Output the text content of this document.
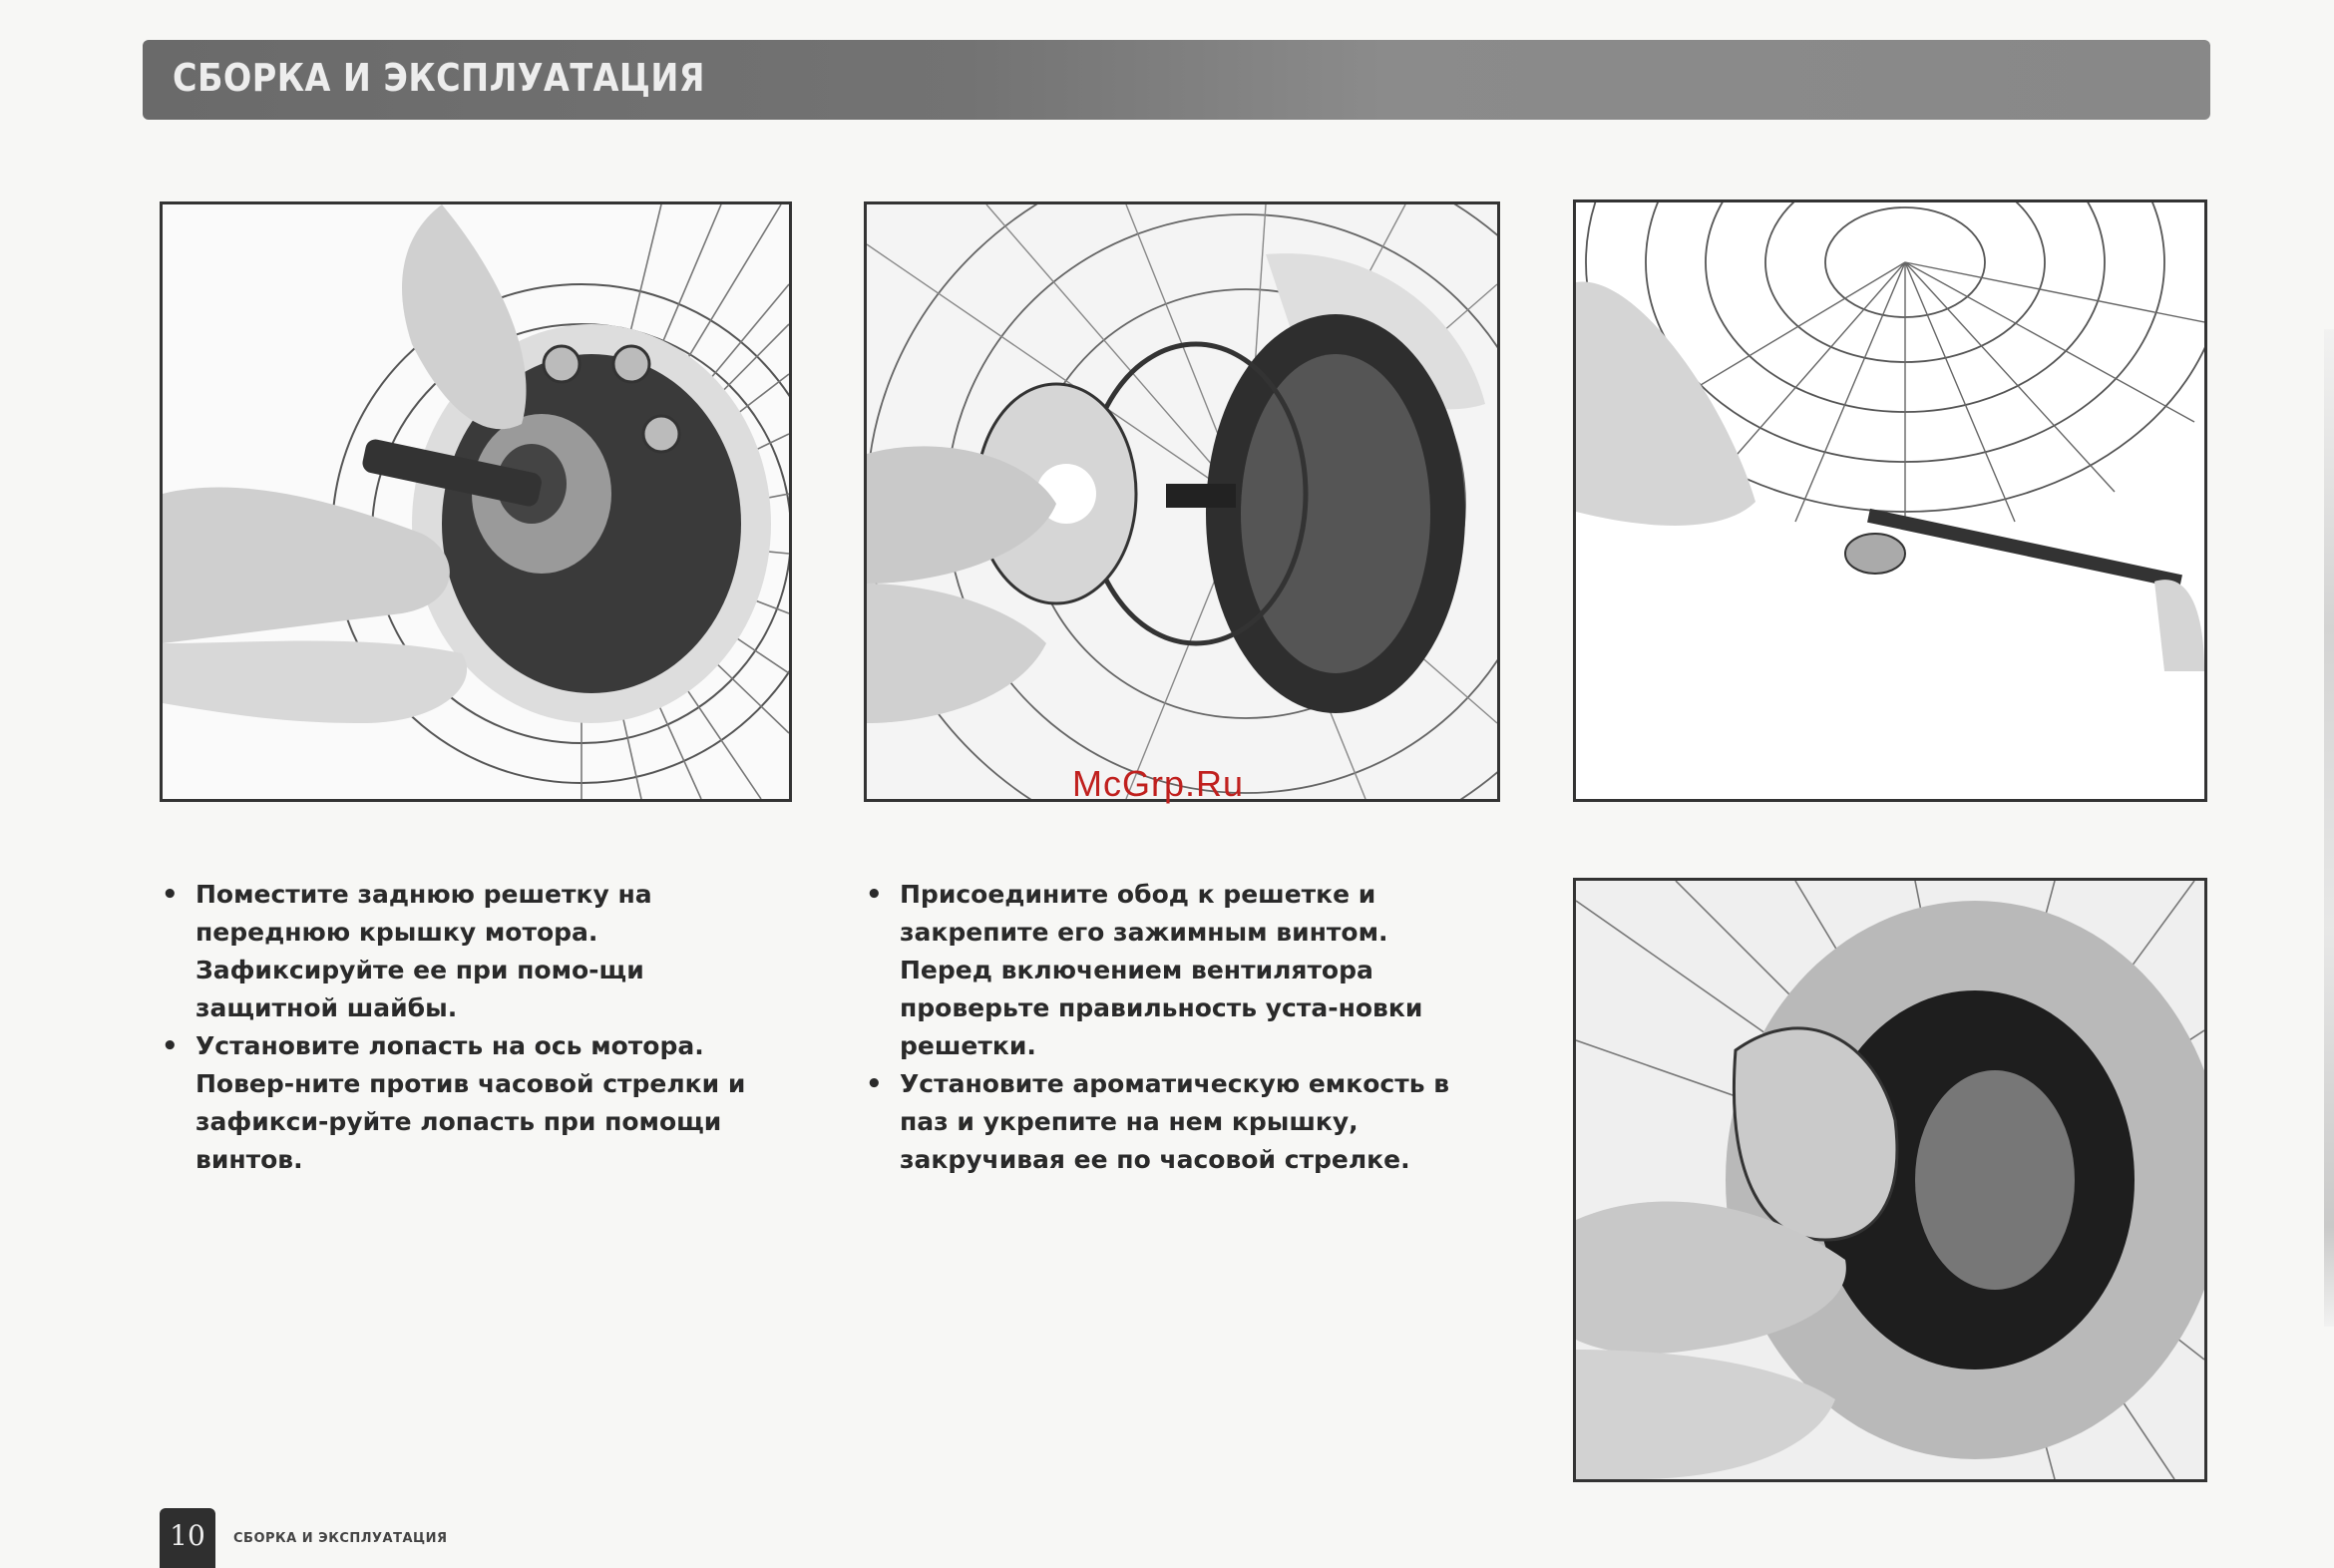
СБОРКА И ЭКСПЛУАТАЦИЯ
• Поместите заднюю решетку на переднюю крышку мотора. Зафиксируйте ее при помо-щи защитной шайбы.
• Установите лопасть на ось мотора. Повер-ните против часовой стрелки и зафикси-руйте лопасть при помощи винтов.
• Присоедините обод к решетке и закрепите его зажимным винтом. Перед включением вентилятора проверьте правильность уста-новки решетки.
• Установите ароматическую емкость в паз и укрепите на нем крышку, закручивая ее по часовой стрелке.
McGrp.Ru
10	СБОРКА И ЭКСПЛУАТАЦИЯ
